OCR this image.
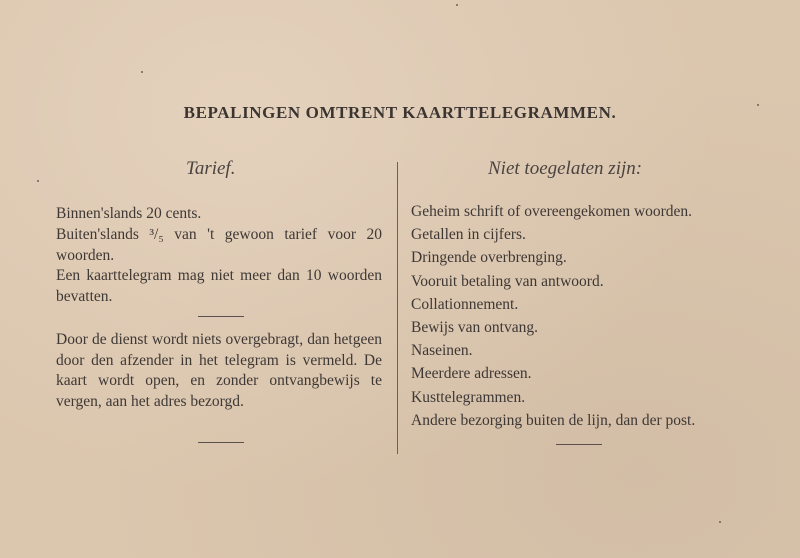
BEPALINGEN OMTRENT KAARTTELEGRAMMEN.
Tarief.	Niet toegelaten zijn:
Binnen'slands 20 cents.
Buiten'slands ³/₅ van 't gewoon tarief voor 20 woorden.
Een kaarttelegram mag niet meer dan 10 woorden bevatten.
Door de dienst wordt niets overgebragt, dan hetgeen door den afzender in het telegram is vermeld. De kaart wordt open, en zonder ontvangbewijs te vergen, aan het adres bezorgd.
Geheim schrift of overeengekomen woorden.
Getallen in cijfers.
Dringende overbrenging.
Vooruit betaling van antwoord.
Collationnement.
Bewijs van ontvang.
Naseinen.
Meerdere adressen.
Kusttelegrammen.
Andere bezorging buiten de lijn, dan der post.
